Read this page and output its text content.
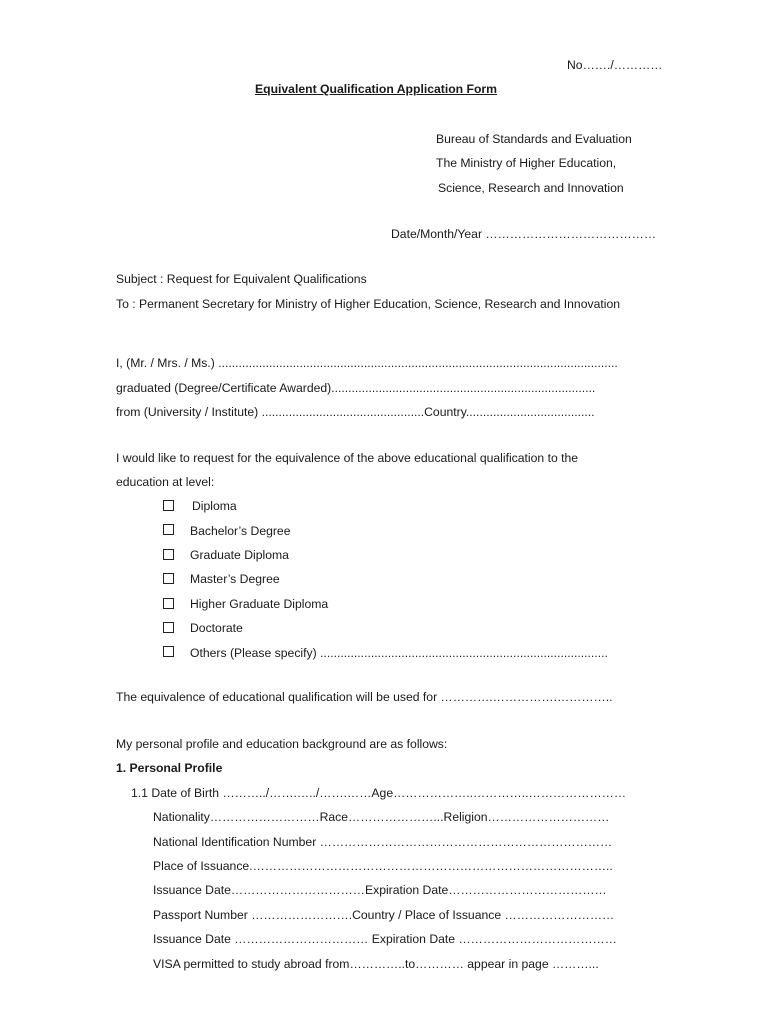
No……./…………
Equivalent Qualification Application Form
Bureau of Standards and Evaluation
The Ministry of Higher Education,
Science, Research and Innovation
Date/Month/Year ……………………………………
Subject : Request for Equivalent Qualifications
To : Permanent Secretary for Ministry of Higher Education, Science, Research and Innovation
I, (Mr. / Mrs. / Ms.) ......................................................................................................................
graduated (Degree/Certificate Awarded)..............................................................................
from (University / Institute) ................................................Country......................................
I would like to request for the equivalence of the above educational qualification to the
education at level:
Diploma
Bachelor’s Degree
Graduate Diploma
Master’s Degree
Higher Graduate Diploma
Doctorate
Others (Please specify) .....................................................................................
The equivalence of educational qualification will be used for ………….…………….…………..
My personal profile and education background are as follows:
1. Personal Profile
1.1 Date of Birth ………../…….…../…….……Age………………..…………..……………………
Nationality………………………Race…………………...Religion…………………………
National Identification Number ………………………………………………………………
Place of Issuance.……………………………………………………………………………..
Issuance Date……………………………Expiration Date…………………………………
Passport Number …………………….Country / Place of Issuance ………………………
Issuance Date …………………………… Expiration Date …………………………………
VISA permitted to study abroad from…………..to………… appear in page ………...
